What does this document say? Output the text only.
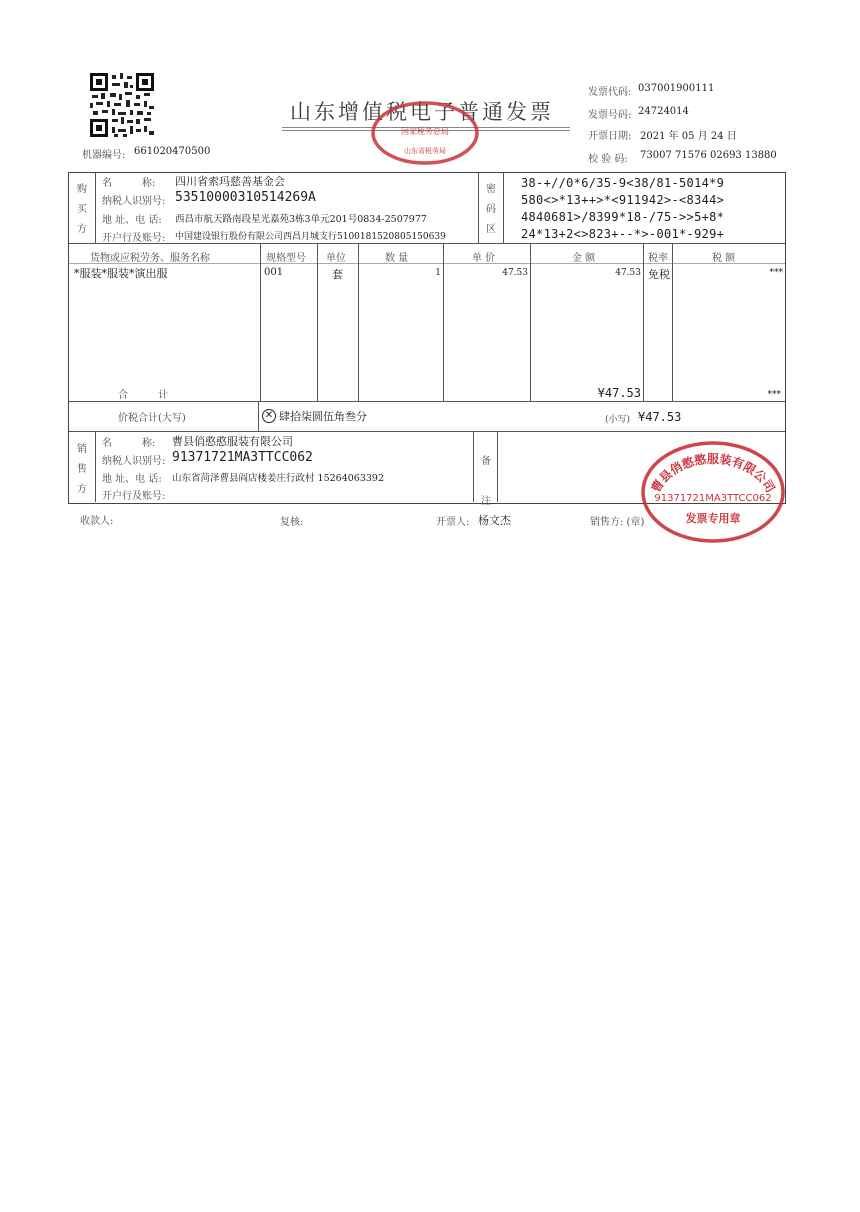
机器编号: 661020470500
山东增值税电子普通发票
发票代码: 037001900111
发票号码: 24724014
开票日期: 2021 年 05 月 24 日
校 验 码: 73007 71576 02693 13880
购买方
名　　　称: 四川省索玛慈善基金会
纳税人识别号: 53510000310514269A
地 址、电 话: 西昌市航天路南段星光嘉苑3栋3单元201号0834-2507977
开户行及账号: 中国建设银行股份有限公司西昌月城支行51001815208051506​39
密码区
38-+//0*6/35-9<38/81-5014*9
580<>*13++>*<911942>-<8344>
4840681>/8399*18-/75->>5+8*
24*13+2<>823+--*>-001*-929+
货物或应税劳务、服务名称	规格型号 单位	数 量	单 价	金 额	税率	税 额
*服装*服装*演出服	001	套	1	47.53	47.53 免税	***
合　　　计	¥47.53	***
价税合计(大写)	✕ 肆拾柒圆伍角叁分	(小写) ¥47.53
销售方
名　　　称: 曹县俏憨憨服装有限公司
纳税人识别号: 91371721MA3TTCC062
地 址、电 话: 山东省菏泽曹县阎店楼姜庄行政村 15264063392
开户行及账号:
备注
收款人:	复核:	开票人: 杨文杰	销售方: (章)
国家税务总局
山东省税务局
曹县俏憨憨服装有限公司
91371721MA3TTCC062
发票专用章
